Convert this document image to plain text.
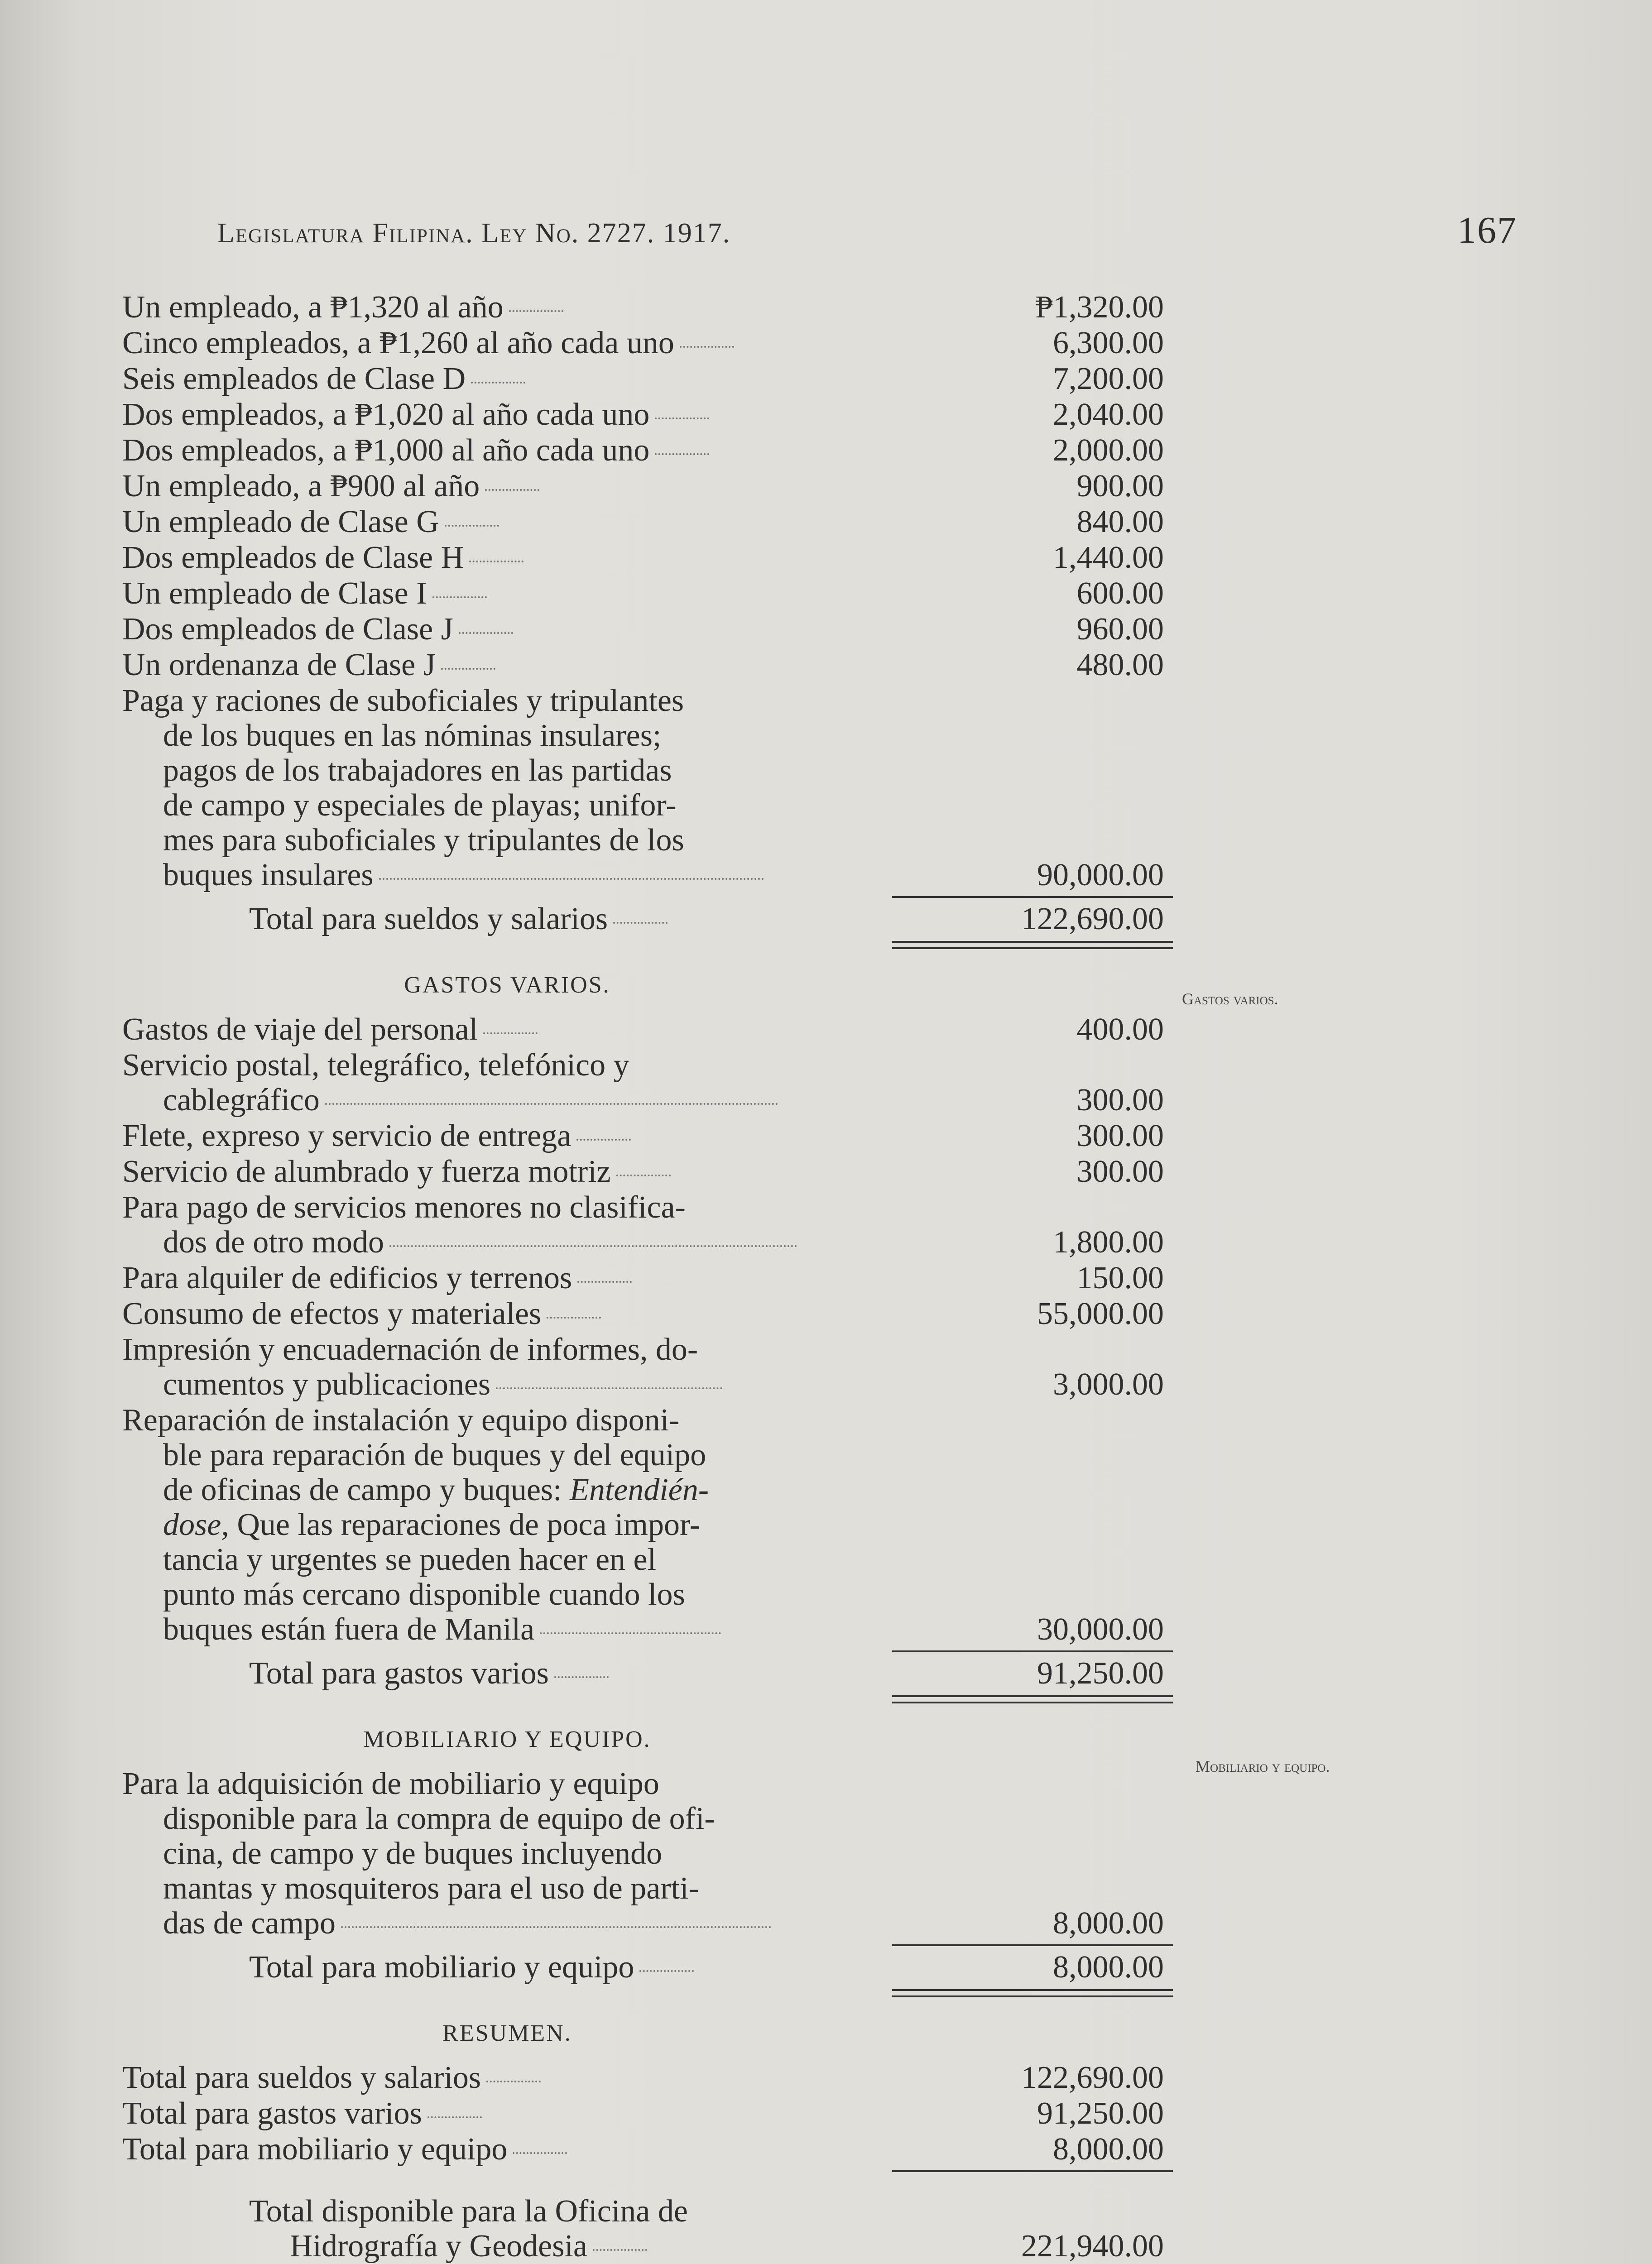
Legislatura Filipina. Ley No. 2727. 1917.	167
Gastos varios.
Mobiliario y equipo.
Un empleado, a ₱1,320 al año	₱1,320.00
Cinco empleados, a ₱1,260 al año cada uno	6,300.00
Seis empleados de Clase D	7,200.00
Dos empleados, a ₱1,020 al año cada uno	2,040.00
Dos empleados, a ₱1,000 al año cada uno	2,000.00
Un empleado, a ₱900 al año	900.00
Un empleado de Clase G	840.00
Dos empleados de Clase H	1,440.00
Un empleado de Clase I	600.00
Dos empleados de Clase J	960.00
Un ordenanza de Clase J	480.00
Paga y raciones de suboficiales y tripulantes
de los buques en las nóminas insulares;
pagos de los trabajadores en las partidas
de campo y especiales de playas; unifor-
mes para suboficiales y tripulantes de los
buques insulares	90,000.00
Total para sueldos y salarios	122,690.00
GASTOS VARIOS.
Gastos de viaje del personal	400.00
Servicio postal, telegráfico, telefónico y
cablegráfico	300.00
Flete, expreso y servicio de entrega	300.00
Servicio de alumbrado y fuerza motriz	300.00
Para pago de servicios menores no clasifica-
dos de otro modo	1,800.00
Para alquiler de edificios y terrenos	150.00
Consumo de efectos y materiales	55,000.00
Impresión y encuadernación de informes, do-
cumentos y publicaciones	3,000.00
Reparación de instalación y equipo disponi-
ble para reparación de buques y del equipo
de oficinas de campo y buques: Entendién-
dose, Que las reparaciones de poca impor-
tancia y urgentes se pueden hacer en el
punto más cercano disponible cuando los
buques están fuera de Manila	30,000.00
Total para gastos varios	91,250.00
MOBILIARIO Y EQUIPO.
Para la adquisición de mobiliario y equipo
disponible para la compra de equipo de ofi-
cina, de campo y de buques incluyendo
mantas y mosquiteros para el uso de parti-
das de campo	8,000.00
Total para mobiliario y equipo	8,000.00
RESUMEN.
Total para sueldos y salarios	122,690.00
Total para gastos varios	91,250.00
Total para mobiliario y equipo	8,000.00
Total disponible para la Oficina de
Hidrografía y Geodesia	221,940.00
